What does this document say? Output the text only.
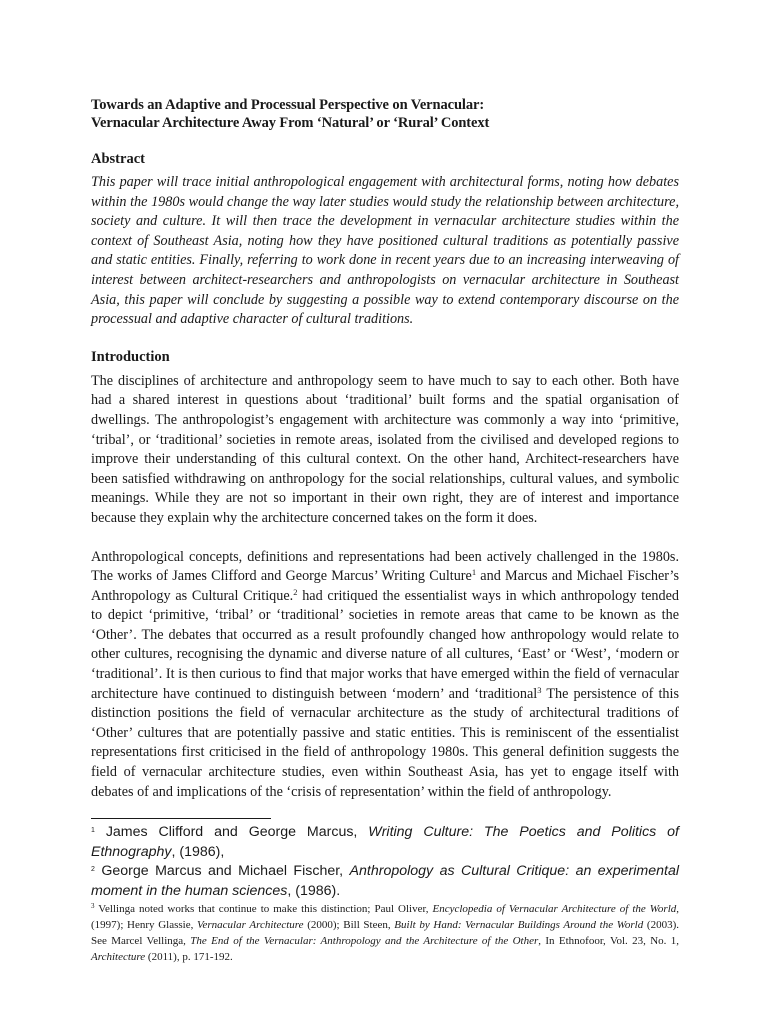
Towards an Adaptive and Processual Perspective on Vernacular:
Vernacular Architecture Away From ‘Natural’ or ‘Rural’ Context
Abstract

This paper will trace initial anthropological engagement with architectural forms, noting how debates within the 1980s would change the way later studies would study the relationship between architecture, society and culture. It will then trace the development in vernacular architecture studies within the context of Southeast Asia, noting how they have positioned cultural traditions as potentially passive and static entities. Finally, referring to work done in recent years due to an increasing interweaving of interest between architect-researchers and anthropologists on vernacular architecture in Southeast Asia, this paper will conclude by suggesting a possible way to extend contemporary discourse on the processual and adaptive character of cultural traditions.

Introduction

The disciplines of architecture and anthropology seem to have much to say to each other. Both have had a shared interest in questions about ‘traditional’ built forms and the spatial organisation of dwellings. The anthropologist’s engagement with architecture was commonly a way into ‘primitive, ‘tribal’, or ‘traditional’ societies in remote areas, isolated from the civilised and developed regions to improve their understanding of this cultural context. On the other hand, Architect-researchers have been satisfied withdrawing on anthropology for the social relationships, cultural values, and symbolic meanings. While they are not so important in their own right, they are of interest and importance because they explain why the architecture concerned takes on the form it does.

Anthropological concepts, definitions and representations had been actively challenged in the 1980s. The works of James Clifford and George Marcus’ Writing Culture$^1$ and Marcus and Michael Fischer’s Anthropology as Cultural Critique.$^2$ had critiqued the essentialist ways in which anthropology tended to depict ‘primitive, ‘tribal’ or ‘traditional’ societies in remote areas that came to be known as the ‘Other’. The debates that occurred as a result profoundly changed how anthropology would relate to other cultures, recognising the dynamic and diverse nature of all cultures, ‘East’ or ‘West’, ‘modern or ‘traditional’. It is then curious to find that major works that have emerged within the field of vernacular architecture have continued to distinguish between ‘modern’ and ‘traditional$^3$ The persistence of this distinction positions the field of vernacular architecture as the study of architectural traditions of ‘Other’ cultures that are potentially passive and static entities. This is reminiscent of the essentialist representations first criticised in the field of anthropology 1980s. This general definition suggests the field of vernacular architecture studies, even within Southeast Asia, has yet to engage itself with debates of and implications of the ‘crisis of representation’ within the field of anthropology.

$^1$ James Clifford and George Marcus, Writing Culture: The Poetics and Politics of Ethnography, (1986),

$^2$ George Marcus and Michael Fischer, Anthropology as Cultural Critique: an experimental moment in the human sciences, (1986).

$^3$ Vellinga noted works that continue to make this distinction; Paul Oliver, Encyclopedia of Vernacular Architecture of the World, (1997); Henry Glassie, Vernacular Architecture (2000); Bill Steen, Built by Hand: Vernacular Buildings Around the World (2003). See Marcel Vellinga, The End of the Vernacular: Anthropology and the Architecture of the Other, In Ethnofoor, Vol. 23, No. 1, Architecture (2011), p. 171-192.
